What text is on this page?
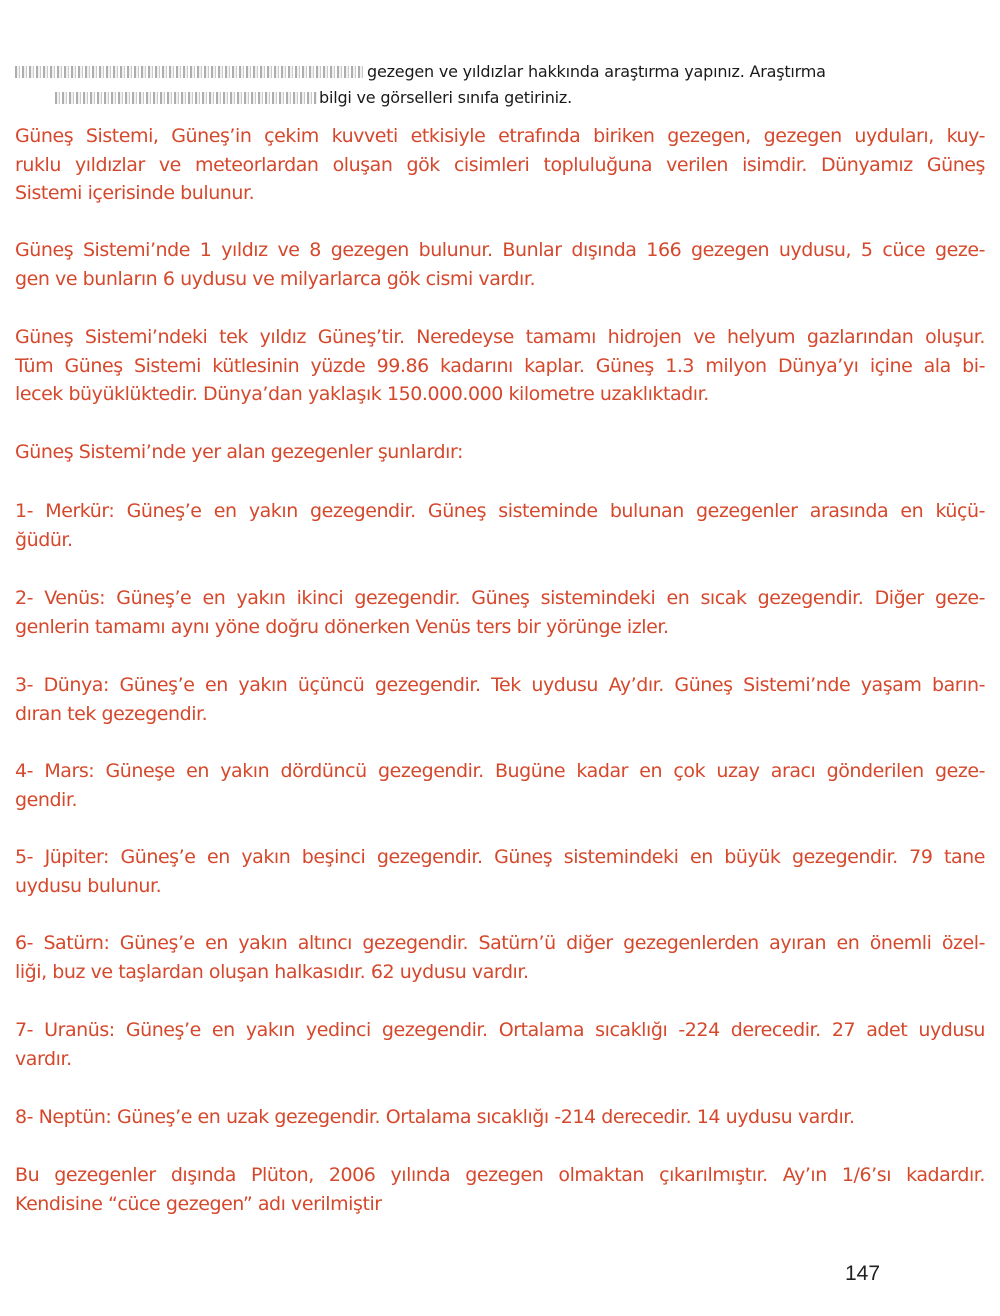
gezegen ve yıldızlar hakkında araştırma yapınız. Araştırma
bilgi ve görselleri sınıfa getiriniz.
Güneş Sistemi, Güneş’in çekim kuvveti etkisiyle etrafında biriken gezegen, gezegen uyduları, kuy-
ruklu yıldızlar ve meteorlardan oluşan gök cisimleri topluluğuna verilen isimdir. Dünyamız Güneş
Sistemi içerisinde bulunur.
Güneş Sistemi’nde 1 yıldız ve 8 gezegen bulunur. Bunlar dışında 166 gezegen uydusu, 5 cüce geze-
gen ve bunların 6 uydusu ve milyarlarca gök cismi vardır.
Güneş Sistemi’ndeki tek yıldız Güneş’tir. Neredeyse tamamı hidrojen ve helyum gazlarından oluşur.
Tüm Güneş Sistemi kütlesinin yüzde 99.86 kadarını kaplar. Güneş 1.3 milyon Dünya’yı içine ala bi-
lecek büyüklüktedir. Dünya’dan yaklaşık 150.000.000 kilometre uzaklıktadır.
Güneş Sistemi’nde yer alan gezegenler şunlardır:
1- Merkür: Güneş’e en yakın gezegendir. Güneş sisteminde bulunan gezegenler arasında en küçü-
ğüdür.
2- Venüs: Güneş’e en yakın ikinci gezegendir. Güneş sistemindeki en sıcak gezegendir. Diğer geze-
genlerin tamamı aynı yöne doğru dönerken Venüs ters bir yörünge izler.
3- Dünya: Güneş’e en yakın üçüncü gezegendir. Tek uydusu Ay’dır. Güneş Sistemi’nde yaşam barın-
dıran tek gezegendir.
4- Mars: Güneşe en yakın dördüncü gezegendir. Bugüne kadar en çok uzay aracı gönderilen geze-
gendir.
5- Jüpiter: Güneş’e en yakın beşinci gezegendir. Güneş sistemindeki en büyük gezegendir. 79 tane
uydusu bulunur.
6- Satürn: Güneş’e en yakın altıncı gezegendir. Satürn’ü diğer gezegenlerden ayıran en önemli özel-
liği, buz ve taşlardan oluşan halkasıdır. 62 uydusu vardır.
7- Uranüs: Güneş’e en yakın yedinci gezegendir. Ortalama sıcaklığı -224 derecedir. 27 adet uydusu
vardır.
8- Neptün: Güneş’e en uzak gezegendir. Ortalama sıcaklığı -214 derecedir. 14 uydusu vardır.
Bu gezegenler dışında Plüton, 2006 yılında gezegen olmaktan çıkarılmıştır. Ay’ın 1/6’sı kadardır.
Kendisine “cüce gezegen” adı verilmiştir
147
